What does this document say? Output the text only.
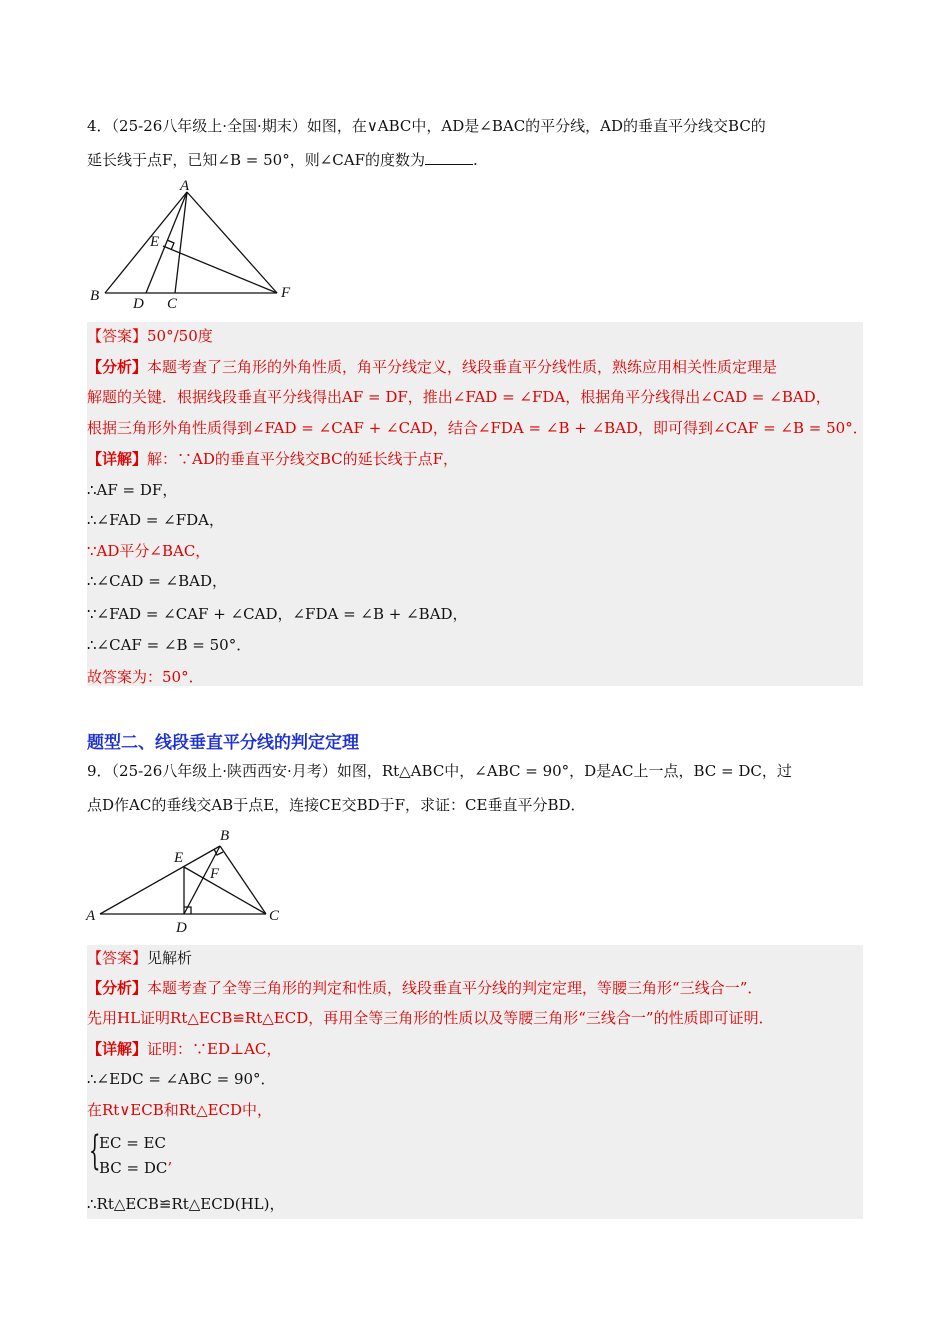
4．（25-26八年级上·全国·期末）如图，在∨ABC中，AD是∠BAC的平分线，AD的垂直平分线交BC的
延长线于点F，已知∠B = 50°，则∠CAF的度数为	.
A
E
B D C
F
【答案】50°/50度
【分析】本题考查了三角形的外角性质，角平分线定义，线段垂直平分线性质，熟练应用相关性质定理是
解题的关键．根据线段垂直平分线得出AF = DF，推出∠FAD = ∠FDA，根据角平分线得出∠CAD = ∠BAD，
根据三角形外角性质得到∠FAD = ∠CAF + ∠CAD，结合∠FDA = ∠B + ∠BAD，即可得到∠CAF = ∠B = 50°．
【详解】解：∵AD的垂直平分线交BC的延长线于点F，
∴AF = DF，
∴∠FAD = ∠FDA，
∵AD平分∠BAC，
∴∠CAD = ∠BAD，
∵∠FAD = ∠CAF + ∠CAD，∠FDA = ∠B + ∠BAD，
∴∠CAF = ∠B = 50°．
故答案为：50°．
题型二、线段垂直平分线的判定定理
9．（25-26八年级上·陕西西安·月考）如图，Rt△ABC中，∠ABC = 90°，D是AC上一点，BC = DC，过
点D作AC的垂线交AB于点E，连接CE交BD于F，求证：CE垂直平分BD．
B
E
F
A
D
C
【答案】见解析
【分析】本题考查了全等三角形的判定和性质，线段垂直平分线的判定定理，等腰三角形“三线合一”．
先用HL证明Rt△ECB≌Rt△ECD，再用全等三角形的性质以及等腰三角形“三线合一”的性质即可证明．
【详解】证明：∵ED⊥AC，
∴∠EDC = ∠ABC = 90°．
在Rt∨ECB和Rt△ECD中，
{
EC = EC
BC = DC’
∴Rt△ECB≌Rt△ECD(HL)，
